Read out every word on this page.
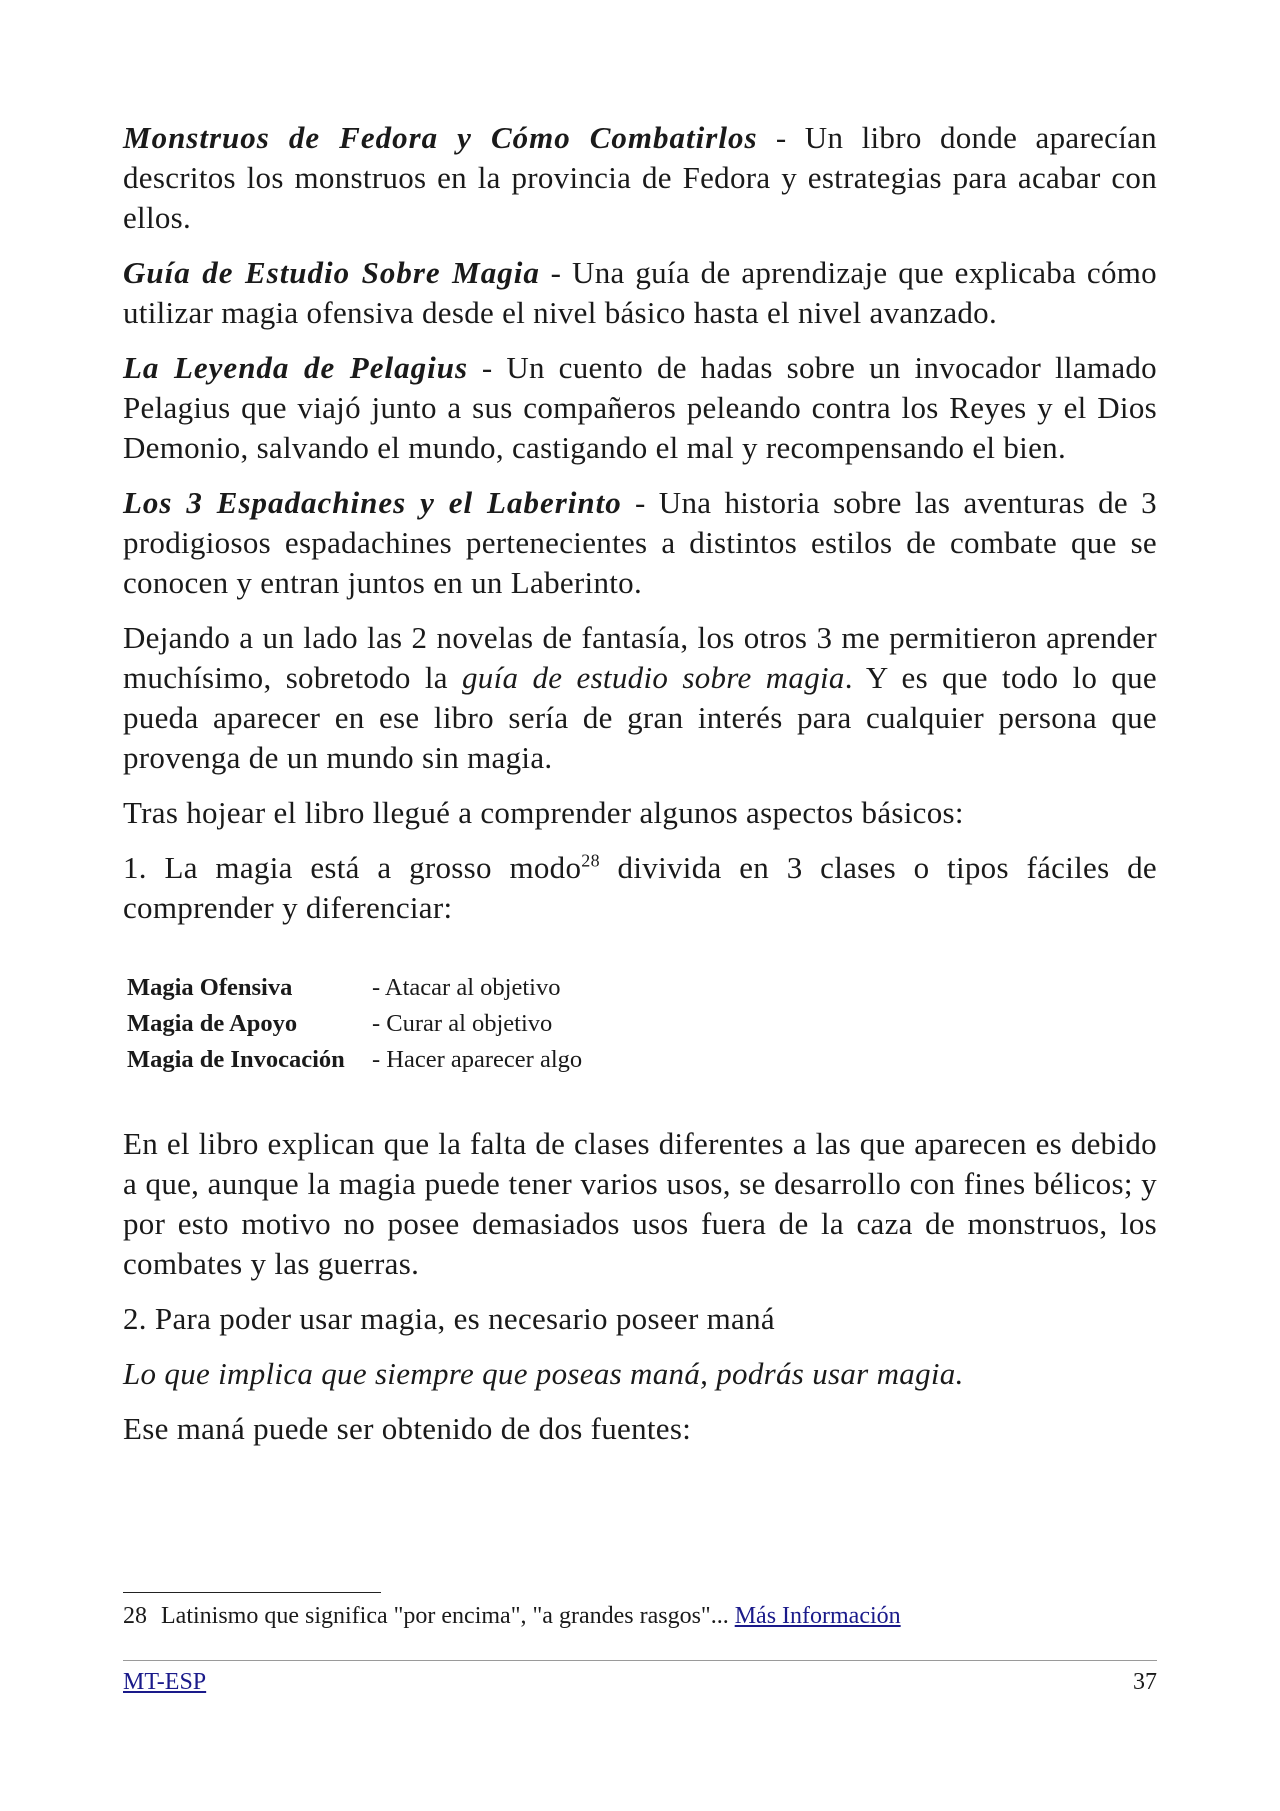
Monstruos de Fedora y Cómo Combatirlos - Un libro donde aparecían descritos los monstruos en la provincia de Fedora y estrategias para acabar con ellos.

Guía de Estudio Sobre Magia - Una guía de aprendizaje que explicaba cómo utilizar magia ofensiva desde el nivel básico hasta el nivel avanzado.

La Leyenda de Pelagius - Un cuento de hadas sobre un invocador llamado Pelagius que viajó junto a sus compañeros peleando contra los Reyes y el Dios Demonio, salvando el mundo, castigando el mal y recompensando el bien.

Los 3 Espadachines y el Laberinto - Una historia sobre las aventuras de 3 prodigiosos espadachines pertenecientes a distintos estilos de combate que se conocen y entran juntos en un Laberinto.

Dejando a un lado las 2 novelas de fantasía, los otros 3 me permitieron aprender muchísimo, sobretodo la guía de estudio sobre magia. Y es que todo lo que pueda aparecer en ese libro sería de gran interés para cualquier persona que provenga de un mundo sin magia.

Tras hojear el libro llegué a comprender algunos aspectos básicos:

1. La magia está a grosso modo$^{28}$ divivida en 3 clases o tipos fáciles de comprender y diferenciar:

Magia Ofensiva	- Atacar al objetivo
Magia de Apoyo	- Curar al objetivo
Magia de Invocación	- Hacer aparecer algo

En el libro explican que la falta de clases diferentes a las que aparecen es debido a que, aunque la magia puede tener varios usos, se desarrollo con fines bélicos; y por esto motivo no posee demasiados usos fuera de la caza de monstruos, los combates y las guerras.

2. Para poder usar magia, es necesario poseer maná

Lo que implica que siempre que poseas maná, podrás usar magia.

Ese maná puede ser obtenido de dos fuentes:

28 Latinismo que significa "por encima", "a grandes rasgos"... Más Información
MT-ESP	37
